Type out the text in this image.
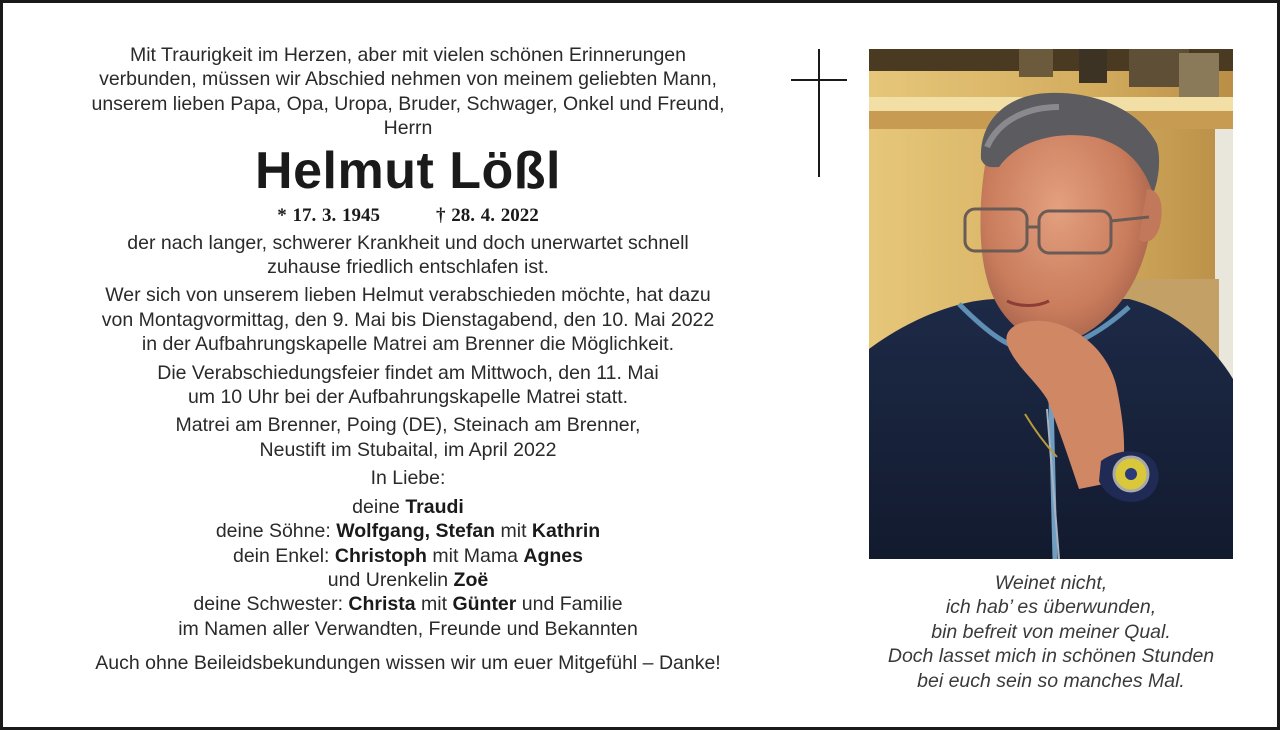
Mit Traurigkeit im Herzen, aber mit vielen schönen Erinnerungen

verbunden, müssen wir Abschied nehmen von meinem geliebten Mann,

unserem lieben Papa, Opa, Uropa, Bruder, Schwager, Onkel und Freund,

Herrn

Helmut Lößl

* 17. 3. 1945	† 28. 4. 2022

der nach langer, schwerer Krankheit und doch unerwartet schnell

zuhause friedlich entschlafen ist.

Wer sich von unserem lieben Helmut verabschieden möchte, hat dazu

von Montagvormittag, den 9. Mai bis Dienstagabend, den 10. Mai 2022

in der Aufbahrungskapelle Matrei am Brenner die Möglichkeit.

Die Verabschiedungsfeier findet am Mittwoch, den 11. Mai

um 10 Uhr bei der Aufbahrungskapelle Matrei statt.

Matrei am Brenner, Poing (DE), Steinach am Brenner,

Neustift im Stubaital, im April 2022

In Liebe:

deine Traudi

deine Söhne: Wolfgang, Stefan mit Kathrin

dein Enkel: Christoph mit Mama Agnes

und Urenkelin Zoë

deine Schwester: Christa mit Günter und Familie

im Namen aller Verwandten, Freunde und Bekannten

Auch ohne Beileidsbekundungen wissen wir um euer Mitgefühl – Danke!

Weinet nicht,
ich hab’ es überwunden,
bin befreit von meiner Qual.
Doch lasset mich in schönen Stunden
bei euch sein so manches Mal.
